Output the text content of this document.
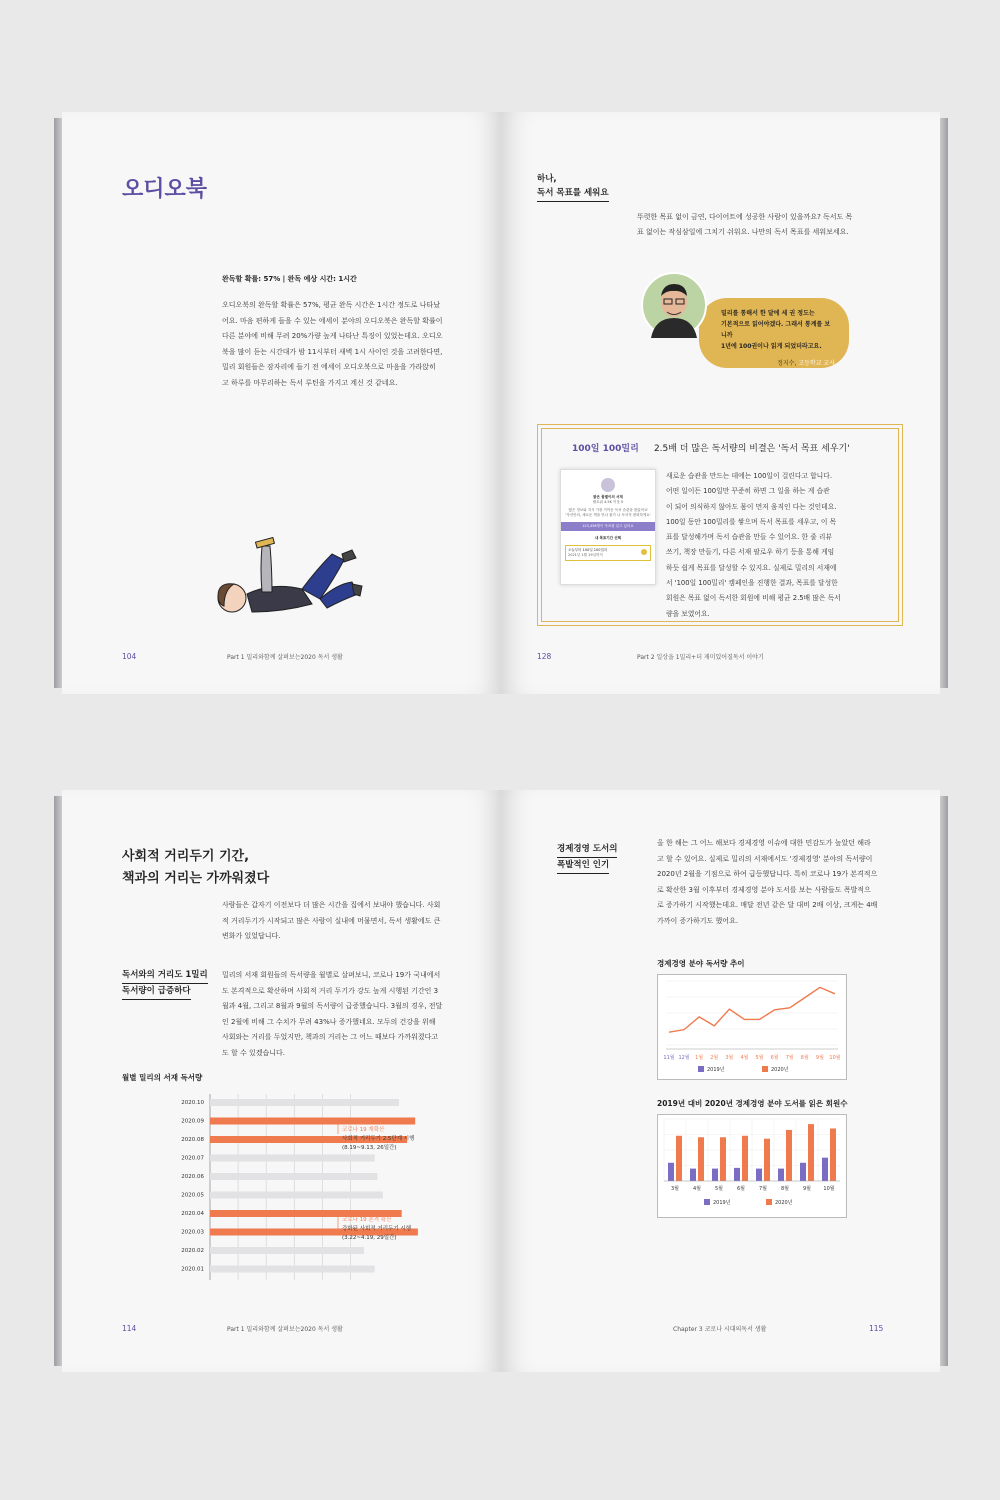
오디오북
완독할 확률: 57% | 완독 예상 시간: 1시간
오디오북의 완독할 확률은 57%, 평균 완독 시간은 1시간 정도로 나타났
어요. 마음 편하게 들을 수 있는 에세이 분야의 오디오북은 완독할 확률이
다른 분야에 비해 무려 20%가량 높게 나타난 특징이 있었는데요. 오디오
북을 많이 듣는 시간대가 밤 11시부터 새벽 1시 사이인 것을 고려한다면,
밀리 회원들은 잠자리에 들기 전 에세이 오디오북으로 마음을 가라앉히
고 하루를 마무리하는 독서 루틴을 가지고 계신 것 같네요.
104	Part 1 밀리와함께 살펴보는2020 독서 생활
하나,
독서 목표를 세워요
뚜렷한 목표 없이 금연, 다이어트에 성공한 사람이 있을까요? 독서도 목
표 없이는 작심삼일에 그치기 쉬워요. 나만의 독서 목표를 세워보세요.
밀리를 통해서 한 달에 세 권 정도는
기본적으로 읽어야겠다. 그래서 통계를 보니까
1년에 100권이나 읽게 되었더라고요.
정지수, 고등학교 교사
100일 100밀리 2.5배 더 많은 독서량의 비결은 '독서 목표 세우기'
밝은 꽃별이의 서재
팔로워 4.5K 이웃 5
'많은 정보와 지식 가장 가까운 독서 습관을 찾았어요'
'자신만의, 새로운 책을 만나 잡가 나 독서적 변화하게요'
123,456명이 목표를 읽고 있어요
내 목표기간 선택
오늘부터 100일 100밀리
2021년 1월 19일까지
새로운 습관을 만드는 데에는 100일이 걸린다고 합니다.
어떤 일이든 100일만 꾸준히 하면 그 일을 하는 게 습관
이 되어 의식하지 않아도 몸이 먼저 움직인 다는 것인데요.
100일 동안 100밀리를 쌓으며 독서 목표를 세우고, 이 목
표를 달성해가며 독서 습관을 만들 수 있어요. 한 줄 리뷰
쓰기, 책장 만들기, 다른 서재 팔로우 하기 등을 통해 게임
하듯 쉽게 목표를 달성할 수 있지요. 실제로 밀리의 서재에
서 '100일 100밀리' 캠페인을 진행한 결과, 목표를 달성한
회원은 목표 없이 독서한 회원에 비해 평균 2.5배 많은 독서
량을 보였어요.
128	Part 2 일상을 1밀리+더 재미있어질독서 이야기
사회적 거리두기 기간,
책과의 거리는 가까워졌다
사람들은 갑자기 이전보다 더 많은 시간을 집에서 보내야 했습니다. 사회
적 거리두기가 시작되고 많은 사람이 실내에 머물면서, 독서 생활에도 큰
변화가 있었답니다.
독서와의 거리도 1밀리
독서량이 급증하다
밀리의 서재 회원들의 독서량을 월별로 살펴보니, 코로나 19가 국내에서
도 본격적으로 확산하며 사회적 거리 두기가 강도 높게 시행된 기간인 3
월과 4월, 그리고 8월과 9월의 독서량이 급증했습니다. 3월의 경우, 전달
인 2월에 비해 그 수치가 무려 43%나 증가했네요. 모두의 건강을 위해
사회와는 거리를 두었지만, 책과의 거리는 그 어느 때보다 가까워졌다고
도 할 수 있겠습니다.
월별 밀리의 서재 독서량
2020.10
2020.09
2020.08
2020.07
2020.06
2020.05
2020.04
2020.03
2020.02
2020.01
코로나 19 재확산
사회적 거리두기 2.5단계 시행
(8.19~9.13, 26일간)
코로나 19 본격 확산
강화된 사회적 거리두기 시행
(3.22~4.19, 29일간)
114	Part 1 밀리와함께 살펴보는2020 독서 생활
경제경영 도서의
폭발적인 인기
올 한 해는 그 어느 해보다 경제경영 이슈에 대한 민감도가 높았던 해라
고 할 수 있어요. 실제로 밀리의 서재에서도 '경제경영' 분야의 독서량이
2020년 2월을 기점으로 하여 급등했답니다. 특히 코로나 19가 본격적으
로 확산한 3월 이후부터 경제경영 분야 도서를 보는 사람들도 폭발적으
로 증가하기 시작했는데요. 매달 전년 같은 달 대비 2배 이상, 크게는 4배
가까이 증가하기도 했어요.
경제경영 분야 독서량 추이
11월 12월 1월 2월 3월 4월 5월 6월 7월 8월 9월 10월
2019년	2020년
2019년 대비 2020년 경제경영 분야 도서를 읽은 회원수
3월	4월	5월	6월	7월	8월	9월 10월
2019년	2020년
115
Chapter 3 코로나 시대의독서 생활
